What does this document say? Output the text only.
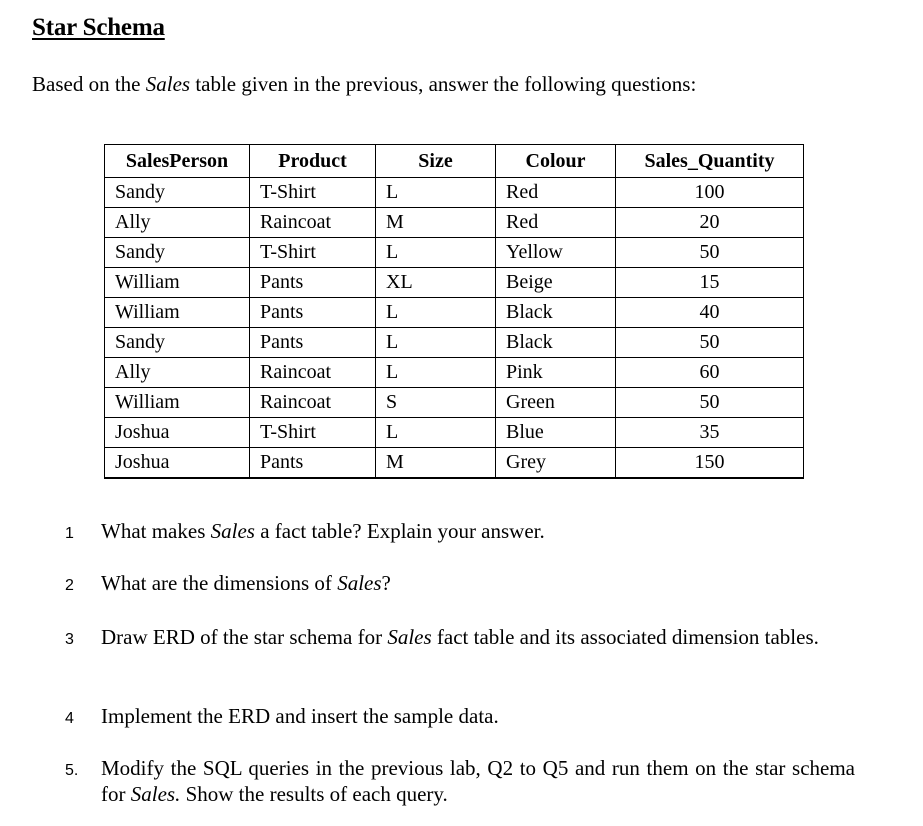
Star Schema
Based on the Sales table given in the previous, answer the following questions:
SalesPerson	Product	Size	Colour	Sales_Quantity
Sandy	T-Shirt	L	Red	100
Ally	Raincoat	M	Red	20
Sandy	T-Shirt	L	Yellow	50
William	Pants	XL	Beige	15
William	Pants	L	Black	40
Sandy	Pants	L	Black	50
Ally	Raincoat	L	Pink	60
William	Raincoat	S	Green	50
Joshua	T-Shirt	L	Blue	35
Joshua	Pants	M	Grey	150
1 What makes Sales a fact table? Explain your answer.
2 What are the dimensions of Sales?
3 Draw ERD of the star schema for Sales fact table and its associated dimension tables.
4 Implement the ERD and insert the sample data.
5. Modify the SQL queries in the previous lab, Q2 to Q5 and run them on the star schema for Sales. Show the results of each query.
